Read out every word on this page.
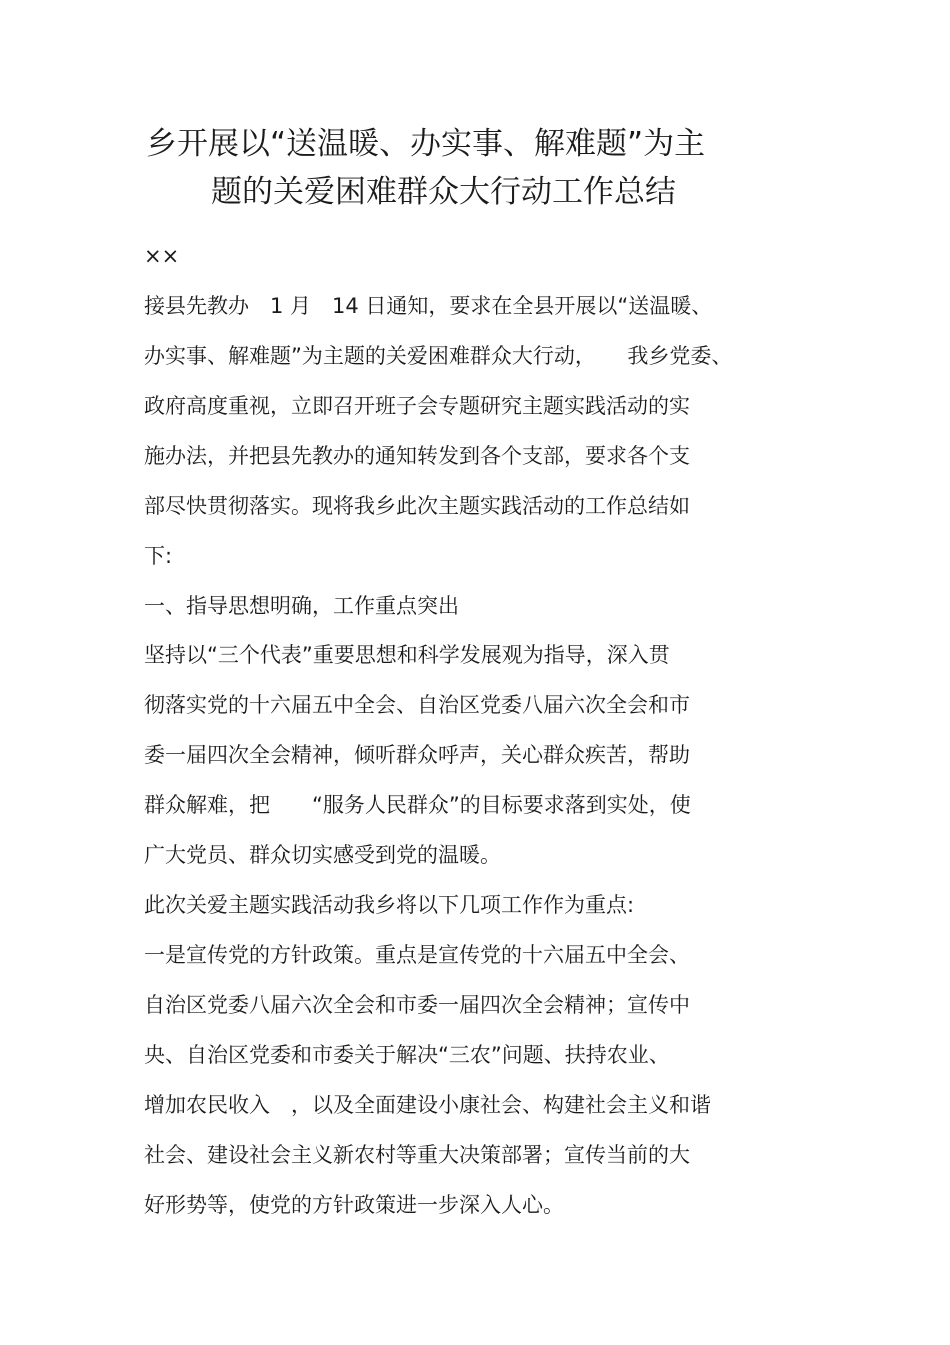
乡开展以“送温暖、办实事、解难题”为主
题的关爱困难群众大行动工作总结
××
接县先教办　1 月　14 日通知，要求在全县开展以“送温暖、
办实事、解难题”为主题的关爱困难群众大行动，　　我乡党委、
政府高度重视，立即召开班子会专题研究主题实践活动的实
施办法，并把县先教办的通知转发到各个支部，要求各个支
部尽快贯彻落实。现将我乡此次主题实践活动的工作总结如
下:
一、指导思想明确，工作重点突出
坚持以“三个代表”重要思想和科学发展观为指导，深入贯
彻落实党的十六届五中全会、自治区党委八届六次全会和市
委一届四次全会精神，倾听群众呼声，关心群众疾苦，帮助
群众解难，把　　“服务人民群众”的目标要求落到实处，使
广大党员、群众切实感受到党的温暖。
此次关爱主题实践活动我乡将以下几项工作作为重点:
一是宣传党的方针政策。重点是宣传党的十六届五中全会、
自治区党委八届六次全会和市委一届四次全会精神；宣传中
央、自治区党委和市委关于解决“三农”问题、扶持农业、
增加农民收入　，以及全面建设小康社会、构建社会主义和谐
社会、建设社会主义新农村等重大决策部署；宣传当前的大
好形势等，使党的方针政策进一步深入人心。
